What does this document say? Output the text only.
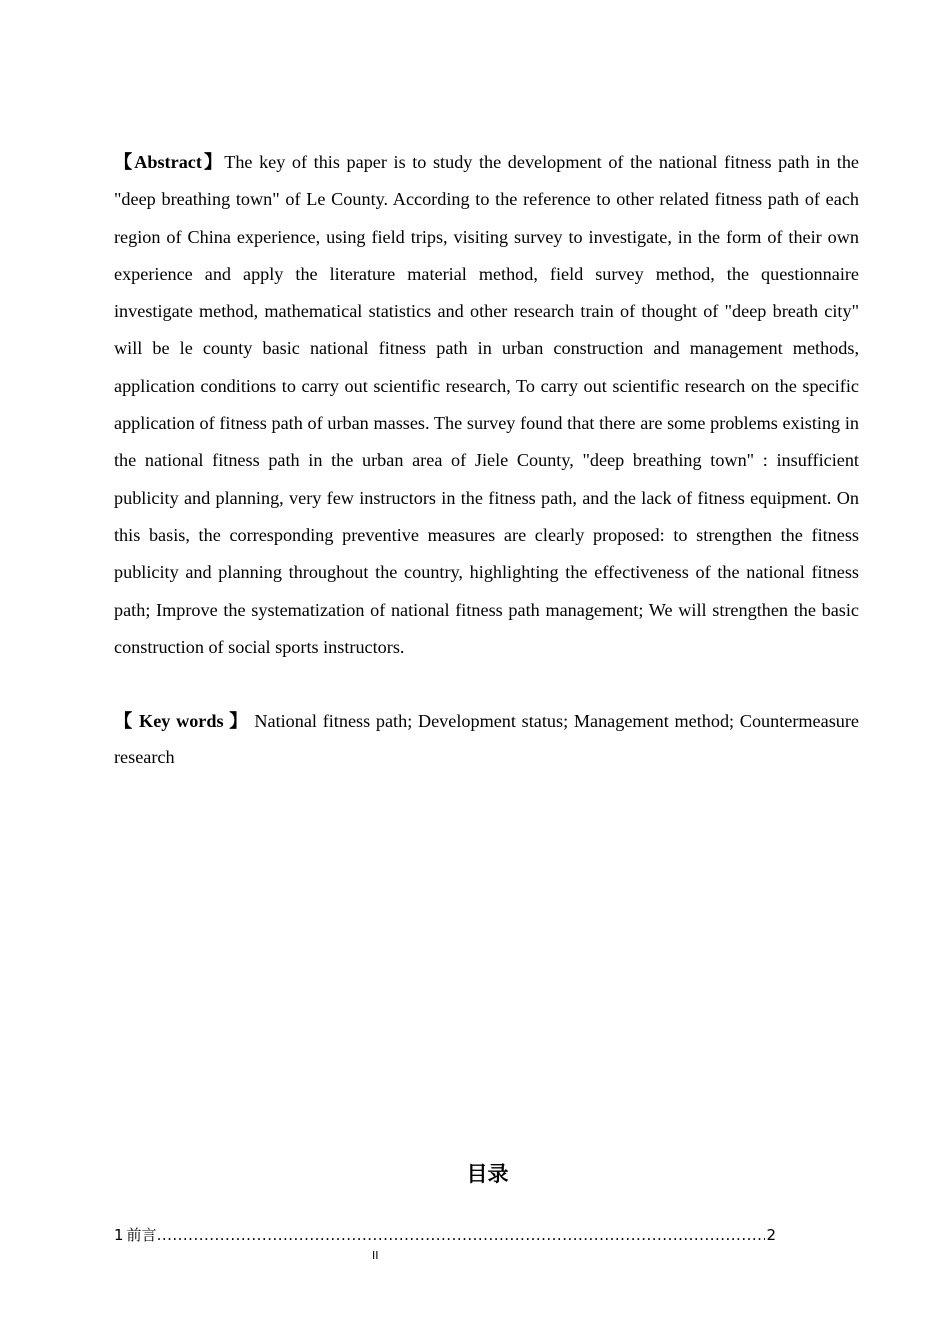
【Abstract】The key of this paper is to study the development of the national fitness path in the "deep breathing town" of Le County. According to the reference to other related fitness path of each region of China experience, using field trips, visiting survey to investigate, in the form of their own experience and apply the literature material method, field survey method, the questionnaire investigate method, mathematical statistics and other research train of thought of "deep breath city" will be le county basic national fitness path in urban construction and management methods, application conditions to carry out scientific research, To carry out scientific research on the specific application of fitness path of urban masses. The survey found that there are some problems existing in the national fitness path in the urban area of Jiele County, "deep breathing town" : insufficient publicity and planning, very few instructors in the fitness path, and the lack of fitness equipment. On this basis, the corresponding preventive measures are clearly proposed: to strengthen the fitness publicity and planning throughout the country, highlighting the effectiveness of the national fitness path; Improve the systematization of national fitness path management; We will strengthen the basic construction of social sports instructors.

【 Key words 】 National fitness path; Development status; Management method; Countermeasure research

目录
1 前言
.....	2
II
